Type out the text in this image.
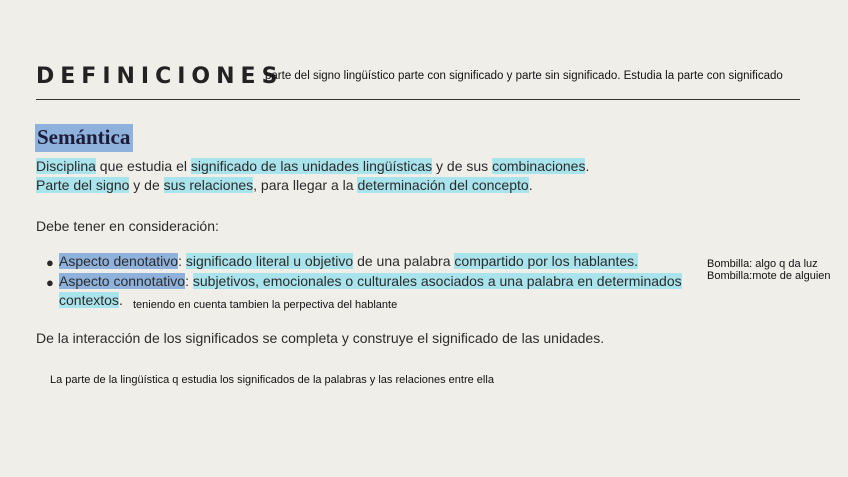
DEFINICIONES
parte del signo lingüístico parte con significado y parte sin significado. Estudia la parte con significado
Semántica
Disciplina que estudia el significado de las unidades lingüísticas y de sus combinaciones.
Parte del signo y de sus relaciones, para llegar a la determinación del concepto.
Debe tener en consideración:
● Aspecto denotativo: significado literal u objetivo de una palabra compartido por los hablantes.
● Aspecto connotativo: subjetivos, emocionales o culturales asociados a una palabra en determinados
contextos. teniendo en cuenta tambien la perpectiva del hablante
Bombilla: algo q da luz
Bombilla:mote de alguien
De la interacción de los significados se completa y construye el significado de las unidades.
La parte de la lingüística q estudia los significados de la palabras y las relaciones entre ella
